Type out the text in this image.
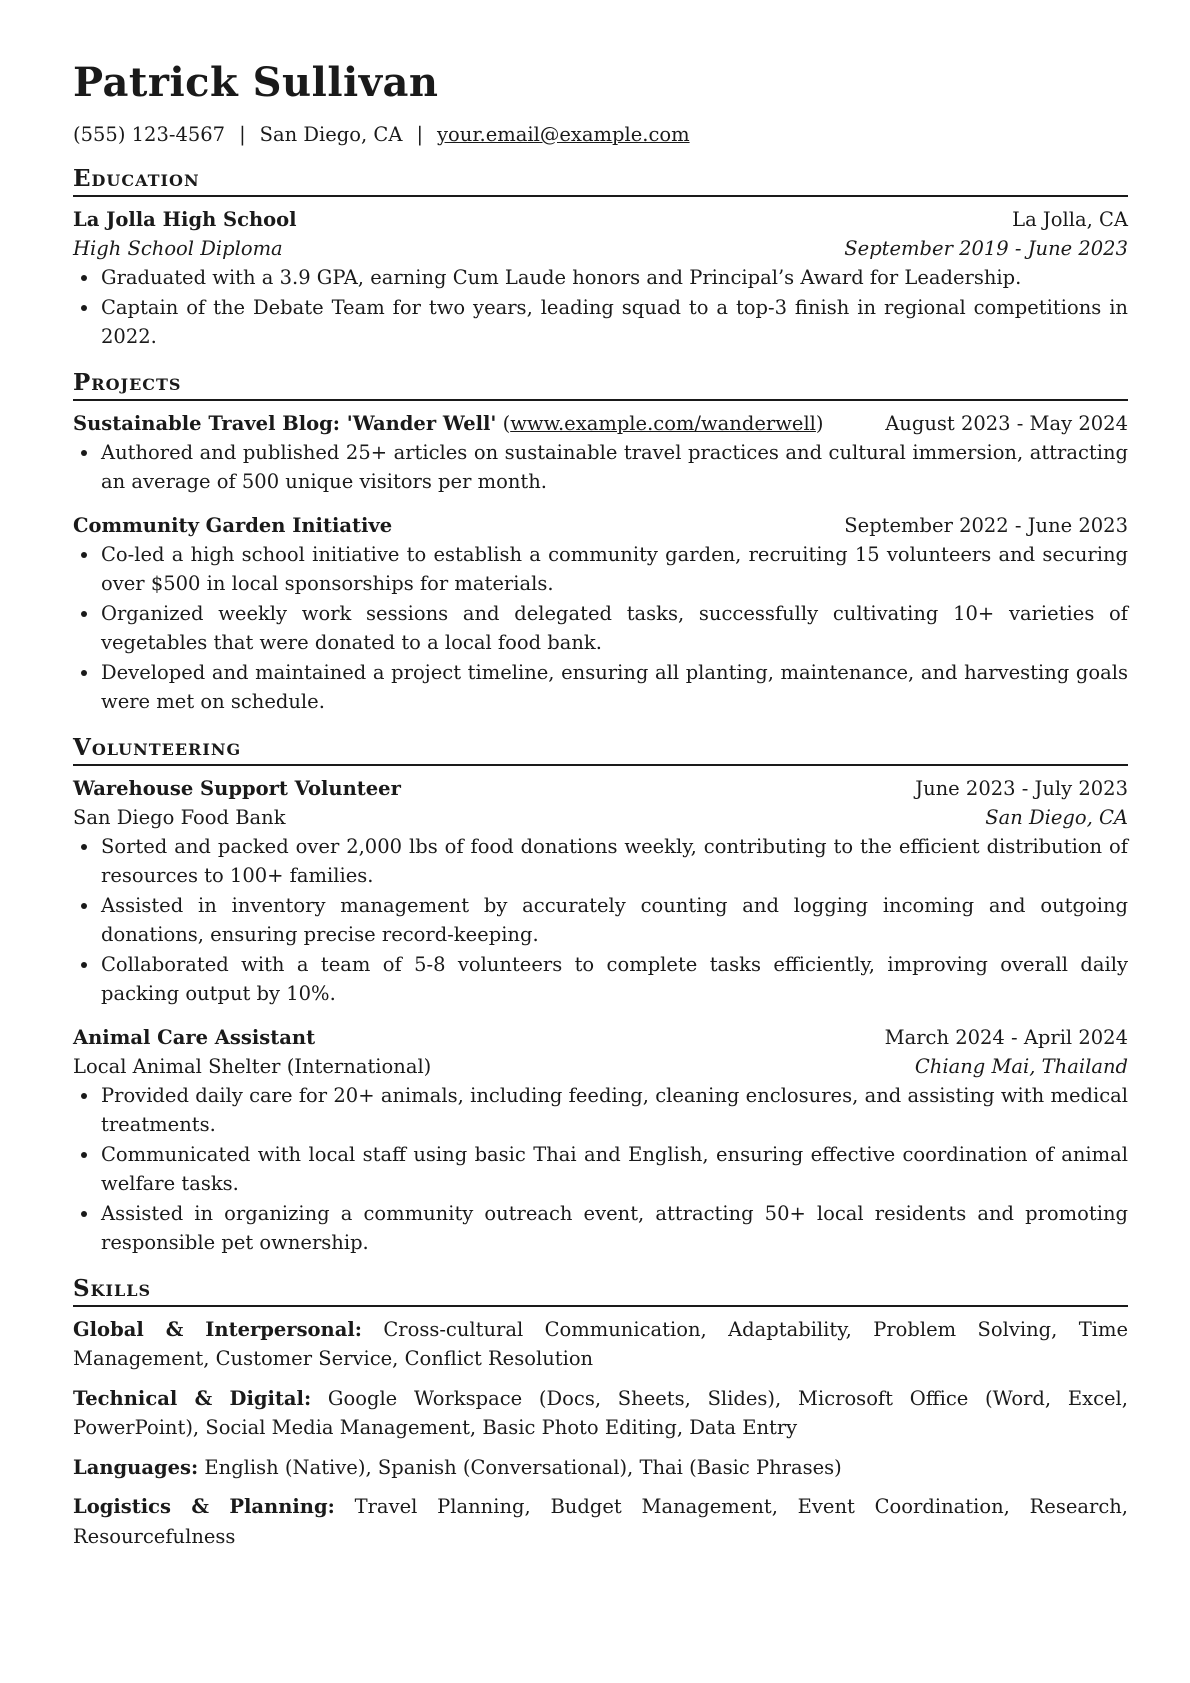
Patrick Sullivan
(555) 123-4567 | San Diego, CA | your.email@example.com
Education
La Jolla High School	La Jolla, CA
High School Diploma	September 2019 - June 2023
Graduated with a 3.9 GPA, earning Cum Laude honors and Principal’s Award for Leadership.
Captain of the Debate Team for two years, leading squad to a top-3 finish in regional competitions in 2022.
Projects
Sustainable Travel Blog: 'Wander Well' (www.example.com/wanderwell)	August 2023 - May 2024
Authored and published 25+ articles on sustainable travel practices and cultural immersion, attracting an average of 500 unique visitors per month.
Community Garden Initiative	September 2022 - June 2023
Co-led a high school initiative to establish a community garden, recruiting 15 volunteers and securing over $500 in local sponsorships for materials.
Organized weekly work sessions and delegated tasks, successfully cultivating 10+ varieties of vegetables that were donated to a local food bank.
Developed and maintained a project timeline, ensuring all planting, maintenance, and harvesting goals were met on schedule.
Volunteering
Warehouse Support Volunteer	June 2023 - July 2023
San Diego Food Bank	San Diego, CA
Sorted and packed over 2,000 lbs of food donations weekly, contributing to the efficient distribution of resources to 100+ families.
Assisted in inventory management by accurately counting and logging incoming and outgoing donations, ensuring precise record-keeping.
Collaborated with a team of 5-8 volunteers to complete tasks efficiently, improving overall daily packing output by 10%.
Animal Care Assistant	March 2024 - April 2024
Local Animal Shelter (International)	Chiang Mai, Thailand
Provided daily care for 20+ animals, including feeding, cleaning enclosures, and assisting with medical treatments.
Communicated with local staff using basic Thai and English, ensuring effective coordination of animal welfare tasks.
Assisted in organizing a community outreach event, attracting 50+ local residents and promoting responsible pet ownership.
Skills
Global & Interpersonal: Cross-cultural Communication, Adaptability, Problem Solving, Time Management, Customer Service, Conflict Resolution
Technical & Digital: Google Workspace (Docs, Sheets, Slides), Microsoft Office (Word, Excel, PowerPoint), Social Media Management, Basic Photo Editing, Data Entry
Languages: English (Native), Spanish (Conversational), Thai (Basic Phrases)
Logistics & Planning: Travel Planning, Budget Management, Event Coordination, Research, Resourcefulness
